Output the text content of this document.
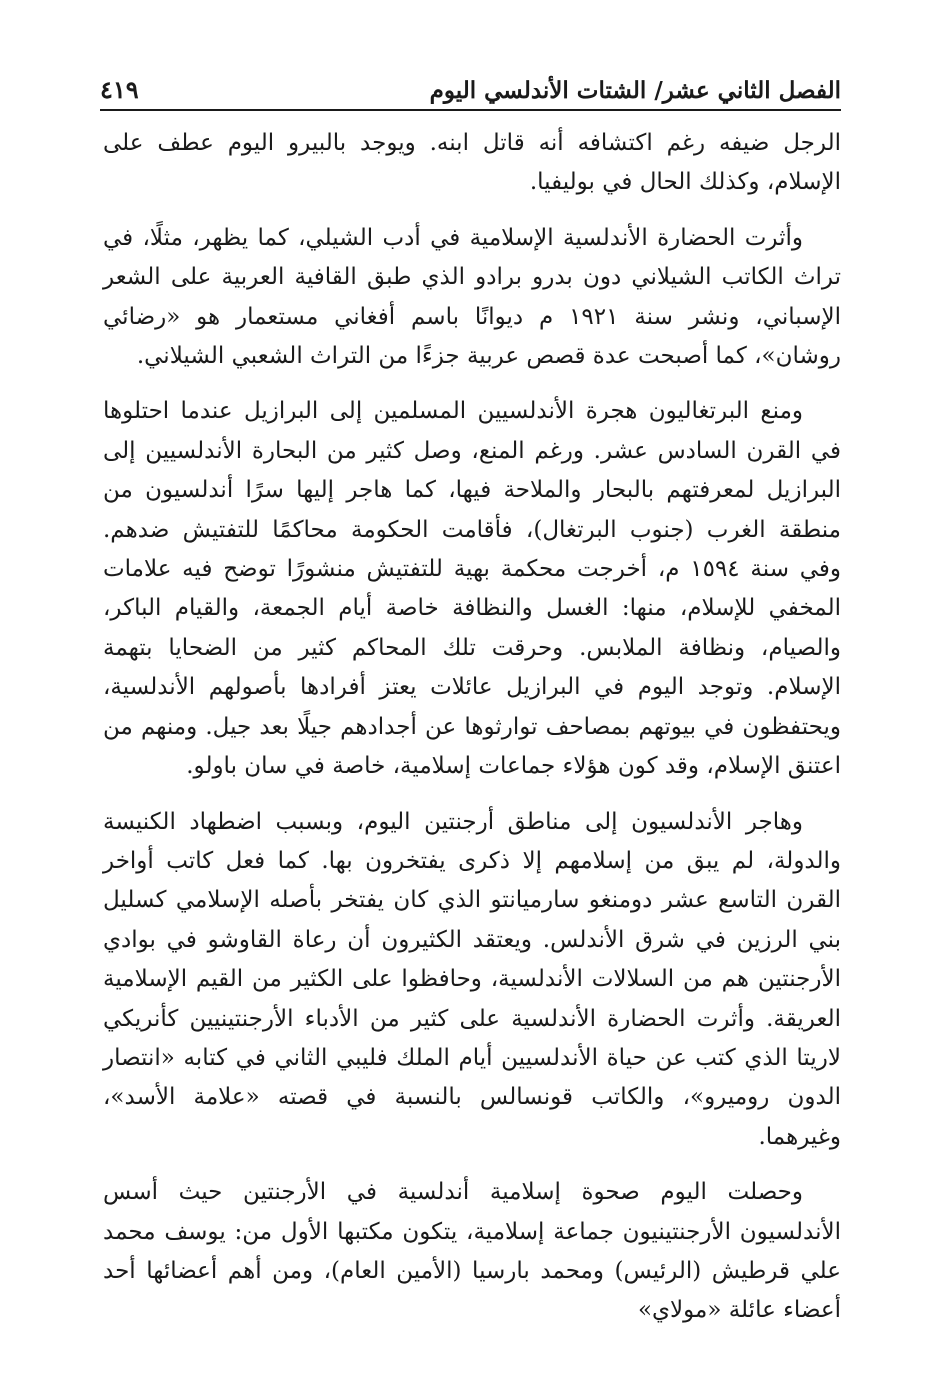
الفصل الثاني عشر/ الشتات الأندلسي اليوم
٤١٩

الرجل ضيفه رغم اكتشافه أنه قاتل ابنه. ويوجد بالبيرو اليوم عطف على الإسلام، وكذلك الحال في بوليفيا.

وأثرت الحضارة الأندلسية الإسلامية في أدب الشيلي، كما يظهر، مثلًا، في تراث الكاتب الشيلاني دون بدرو برادو الذي طبق القافية العربية على الشعر الإسباني، ونشر سنة ١٩٢١ م ديوانًا باسم أفغاني مستعمار هو «رضائي روشان»، كما أصبحت عدة قصص عربية جزءًا من التراث الشعبي الشيلاني.

ومنع البرتغاليون هجرة الأندلسيين المسلمين إلى البرازيل عندما احتلوها في القرن السادس عشر. ورغم المنع، وصل كثير من البحارة الأندلسيين إلى البرازيل لمعرفتهم بالبحار والملاحة فيها، كما هاجر إليها سرًا أندلسيون من منطقة الغرب (جنوب البرتغال)، فأقامت الحكومة محاكمًا للتفتيش ضدهم. وفي سنة ١٥٩٤ م، أخرجت محكمة بهية للتفتيش منشورًا توضح فيه علامات المخفي للإسلام، منها: الغسل والنظافة خاصة أيام الجمعة، والقيام الباكر، والصيام، ونظافة الملابس. وحرقت تلك المحاكم كثير من الضحايا بتهمة الإسلام. وتوجد اليوم في البرازيل عائلات يعتز أفرادها بأصولهم الأندلسية، ويحتفظون في بيوتهم بمصاحف توارثوها عن أجدادهم جيلًا بعد جيل. ومنهم من اعتنق الإسلام، وقد كون هؤلاء جماعات إسلامية، خاصة في سان باولو.

وهاجر الأندلسيون إلى مناطق أرجنتين اليوم، وبسبب اضطهاد الكنيسة والدولة، لم يبق من إسلامهم إلا ذكرى يفتخرون بها. كما فعل كاتب أواخر القرن التاسع عشر دومنغو سارميانتو الذي كان يفتخر بأصله الإسلامي كسليل بني الرزين في شرق الأندلس. ويعتقد الكثيرون أن رعاة القاوشو في بوادي الأرجنتين هم من السلالات الأندلسية، وحافظوا على الكثير من القيم الإسلامية العريقة. وأثرت الحضارة الأندلسية على كثير من الأدباء الأرجنتينيين كأنريكي لاريتا الذي كتب عن حياة الأندلسيين أيام الملك فليبي الثاني في كتابه «انتصار الدون روميرو»، والكاتب قونسالس بالنسبة في قصته «علامة الأسد»، وغيرهما.

وحصلت اليوم صحوة إسلامية أندلسية في الأرجنتين حيث أسس الأندلسيون الأرجنتينيون جماعة إسلامية، يتكون مكتبها الأول من: يوسف محمد علي قرطيش (الرئيس) ومحمد بارسيا (الأمين العام)، ومن أهم أعضائها أحد أعضاء عائلة «مولاي»
